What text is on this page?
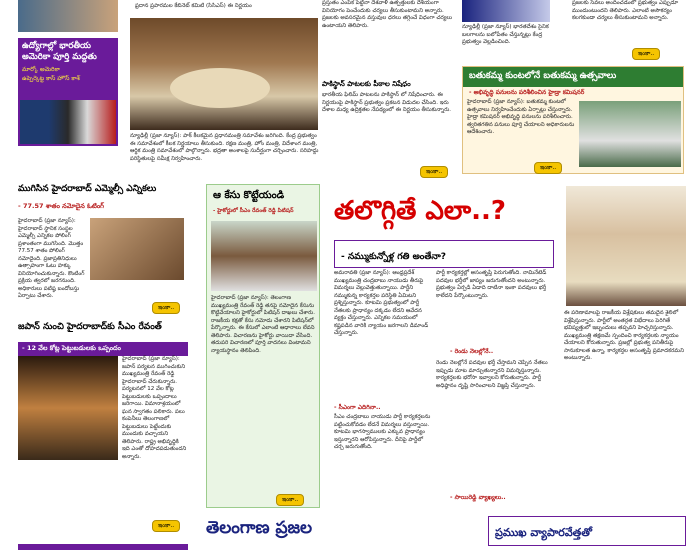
ఉద్యోగాల్లో భారతీయ అమెరికా పూర్తి మద్దతు
మార్కో అమెరికా
ఉప్పెర్కెట్ట కాస్ హౌస్ కాశ్
ఫ్రదాన ప్రపారమల కేబినెట్ కమిటి (సిసిఎస్) ఈ నిర్ణయం
న్యూఢిల్లీ (ప్రజా న్యూస్): పాక్ కీలకమైన ప్రధానమంత్రి సమావేశం జరిగింది. కేంద్ర ప్రభుత్వం ఈ సమావేశంలో కీలక నిర్ణయాలు తీసుకుంది. రక్షణ మంత్రి, హోం మంత్రి, విదేశాంగ మంత్రి, ఆర్థిక మంత్రి సమావేశంలో పాల్గొన్నారు. భద్రతా అంశాలపై సుదీర్ఘంగా చర్చించారు. సరిహద్దు పరిస్థితులపై సమీక్ష నిర్వహించారు.
ప్రస్తుతం ఎంపిక పెట్టినా దేశవాళీ ఉత్పత్తులకు దేశీయంగా వినియోగం పెంచేందుకు చర్యలు తీసుకుంటామని అన్నారు. ప్రజలకు అవసరమైన వస్తువుల ధరలు తగ్గించే విధంగా చర్యలు ఉంటాయని తెలిపారు.
పాకిస్థాన్ పాటలకు పీఠాల నిషేధం
భారతీయ ఫిలిమ్ పాటలను పాకిస్థాన్ లో నిషేధించారు. ఈ నిర్ణయంపై పాకిస్థాన్ ప్రభుత్వం ప్రకటన విడుదల చేసింది. ఇరు దేశాల మధ్య ఉద్రిక్తతల నేపథ్యంలో ఈ నిర్ణయం తీసుకున్నారు.
ఇంకా..
న్యూఢిల్లీ (ప్రజా న్యూస్) భారతదేశం సైనిక బలగాలను బలోపేతం చేస్తున్నట్లు కేంద్ర ప్రభుత్వం వెల్లడించింది.
ప్రజలకు సేవలు అందించడంలో ప్రభుత్వం ఎప్పుడూ ముందుంటుందని తెలిపారు. ఎలాంటి అసౌకర్యం కలగకుండా చర్యలు తీసుకుంటామని అన్నారు.
ఇంకా..
బతుకమ్మ కుంటలోనే బతుకమ్మ ఉత్సవాలు
- అభివృద్ధి పనులను పరిశీలించిన హైడ్రా కమిషనర్
హైదరాబాద్ (ప్రజా న్యూస్): బతుకమ్మ కుంటలో ఉత్సవాలు నిర్వహించేందుకు ఏర్పాట్లు చేస్తున్నారు. హైడ్రా కమిషనర్ అభివృద్ధి పనులను పరిశీలించారు. త్వరితగతిన పనులు పూర్తి చేయాలని అధికారులను ఆదేశించారు.
ఇంకా..
ముగిసిన హైదరాబాద్ ఎమ్మెల్సీ ఎన్నికలు
- 77.57 శాతం నమోదైన ఓటింగ్
హైదరాబాద్ (ప్రజా న్యూస్): హైదరాబాద్ స్థానిక సంస్థల ఎమ్మెల్సీ ఎన్నికల పోలింగ్ ప్రశాంతంగా ముగిసింది. మొత్తం 77.57 శాతం పోలింగ్ నమోదైంది. ప్రజాప్రతినిధులు ఉత్సాహంగా ఓటు హక్కు వినియోగించుకున్నారు. కౌంటింగ్ ప్రక్రియ త్వరలో జరగనుంది. అధికారులు పటిష్ఠ బందోబస్తు ఏర్పాటు చేశారు.
ఇంకా..
జపాన్ నుంచి హైదరాబాద్‌కు సీఎం రేవంత్
- 12 వేల కోట్ల పెట్టుబడులకు ఒప్పందం
హైదరాబాద్ (ప్రజా న్యూస్): జపాన్ పర్యటన ముగించుకుని ముఖ్యమంత్రి రేవంత్ రెడ్డి హైదరాబాద్ చేరుకున్నారు. పర్యటనలో 12 వేల కోట్ల పెట్టుబడులకు ఒప్పందాలు జరిగాయి. విమానాశ్రయంలో ఘన స్వాగతం పలికారు. పలు కంపెనీలు తెలంగాణలో పెట్టుబడులు పెట్టేందుకు ముందుకు వచ్చాయని తెలిపారు. రాష్ట్ర అభివృద్ధికి ఇది ఎంతో దోహదపడుతుందని అన్నారు.
ఇంకా..
ఆ కేసు కొట్టేయండి
- హైకోర్టులో సీఎం రేవంత్ రెడ్డి పిటిషన్
హైదరాబాద్ (ప్రజా న్యూస్): తెలంగాణ ముఖ్యమంత్రి రేవంత్ రెడ్డి తనపై నమోదైన కేసును కొట్టివేయాలని హైకోర్టులో పిటిషన్ దాఖలు చేశారు. రాజకీయ కక్షతో కేసు నమోదు చేశారని పిటిషన్‌లో పేర్కొన్నారు. ఈ కేసులో ఎలాంటి ఆధారాలు లేవని తెలిపారు. విచారణను హైకోర్టు వాయిదా వేసింది. తదుపరి విచారణలో పూర్తి వాదనలు వింటామని న్యాయస్థానం తెలిపింది.
ఇంకా..
తలొగ్గితే ఎలా..?
- నమ్ముకున్నోళ్ల గతి అంతేనా?
అమరావతి (ప్రజా న్యూస్): ఆంధ్రప్రదేశ్ ముఖ్యమంత్రి చంద్రబాబు నాయుడు తీరుపై విమర్శలు వెల్లువెత్తుతున్నాయి. పార్టీని నమ్ముకున్న కార్యకర్తల పరిస్థితి ఏమిటని ప్రశ్నిస్తున్నారు. కూటమి ప్రభుత్వంలో పార్టీ నేతలకు ప్రాధాన్యం దక్కడం లేదని ఆవేదన వ్యక్తం చేస్తున్నారు. ఎన్నికల సమయంలో కష్టపడిన వారికి న్యాయం జరగాలని డిమాండ్ చేస్తున్నారు.
- సీఎంగా ఎదిగినా..
సీఎం చంద్రబాబు నాయుడు పార్టీ కార్యకర్తలను పట్టించుకోవడం లేదనే విమర్శలు వస్తున్నాయి. కూటమి భాగస్వాములకు ఎక్కువ ప్రాధాన్యం ఇస్తున్నారని ఆరోపిస్తున్నారు. దీనిపై పార్టీలో చర్చ జరుగుతోంది.
పార్టీ కార్యకర్తల్లో అసంతృప్తి పెరుగుతోంది. నామినేటెడ్ పదవుల భర్తీలో జాప్యం జరుగుతోందని అంటున్నారు. ప్రభుత్వం ఏర్పడి ఏడాది దాటినా ఇంకా పదవులు భర్తీ కాలేదని పేర్కొంటున్నారు.
- రెండు నెలల్లోనే..
రెండు నెలల్లోనే పదవుల భర్తీ చేస్తామని చెప్పిన నేతలు ఇప్పుడు మాట మార్చుతున్నారని విమర్శిస్తున్నారు. కార్యకర్తలకు భరోసా ఇవ్వాలని కోరుతున్నారు. పార్టీ అధిష్ఠానం దృష్టి సారించాలని విజ్ఞప్తి చేస్తున్నారు.
- సాయిరెడ్డి వ్యాఖ్యలు..
ఈ పరిణామాలపై రాజకీయ విశ్లేషకులు తమదైన శైలిలో విశ్లేషిస్తున్నారు. పార్టీలో అంతర్గత విభేదాలు పెరిగితే భవిష్యత్తులో ఇబ్బందులు తప్పవని హెచ్చరిస్తున్నారు. ముఖ్యమంత్రి తక్షణమే స్పందించి కార్యకర్తలకు న్యాయం చేయాలని కోరుతున్నారు. ప్రజల్లో ప్రభుత్వ పనితీరుపై సానుకూలత ఉన్నా, కార్యకర్తల అసంతృప్తి ప్రమాదకరమని అంటున్నారు.
తెలంగాణ ప్రజల	ప్రముఖ వ్యాపారవేత్తతో
